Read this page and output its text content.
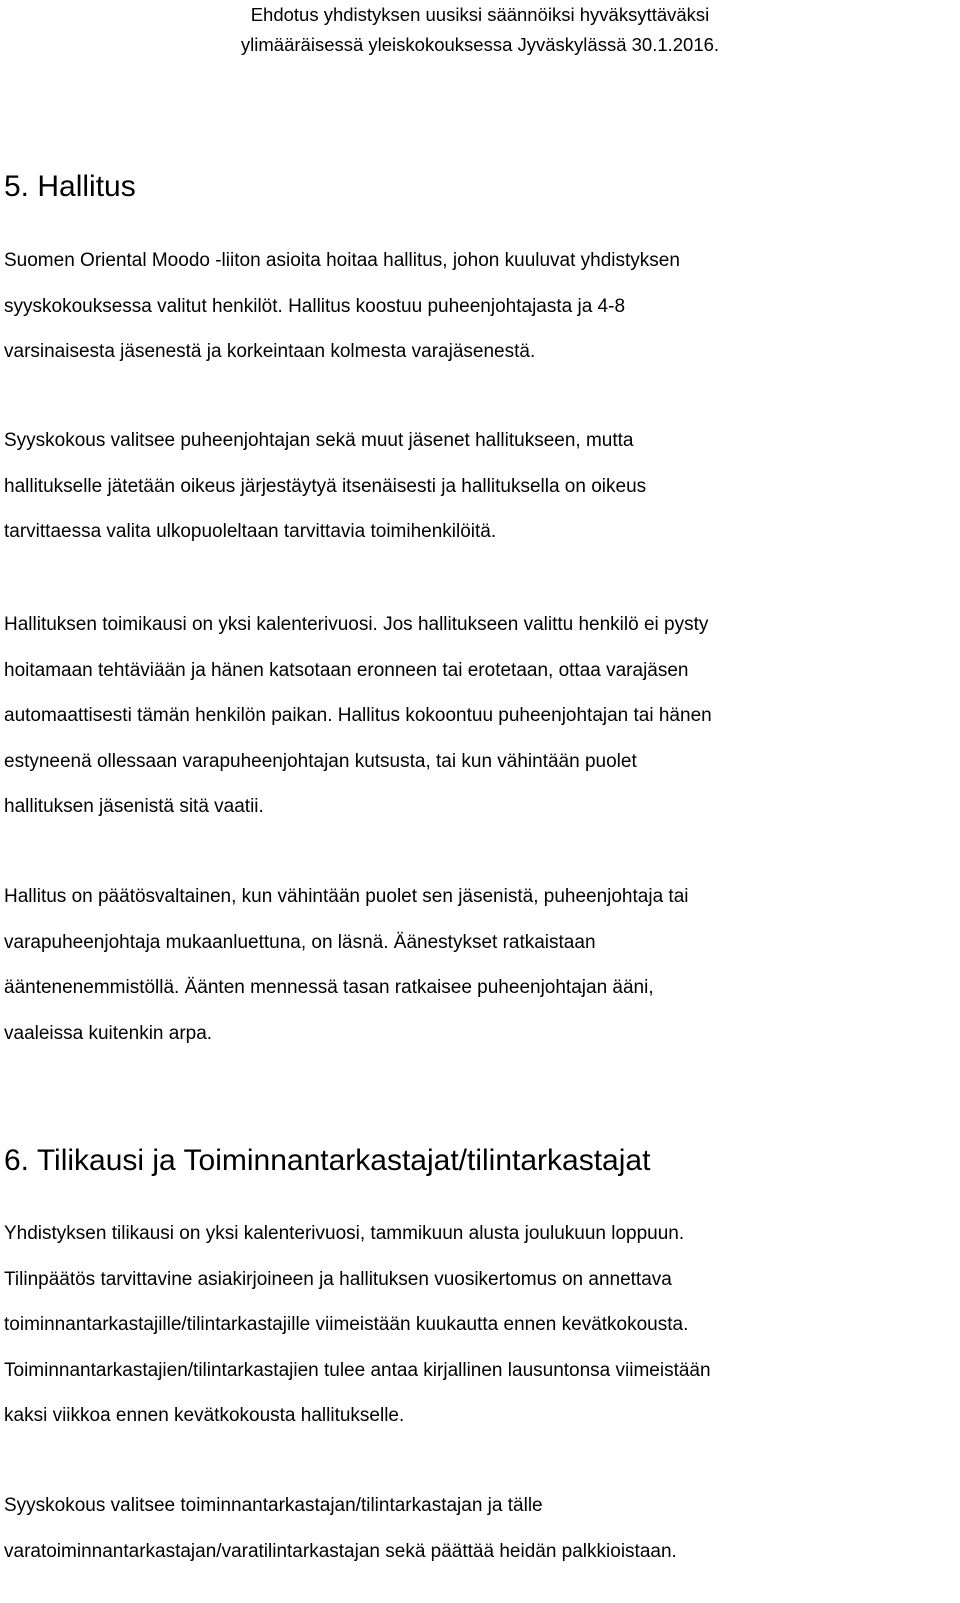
Ehdotus yhdistyksen uusiksi säännöiksi hyväksyttäväksi
ylimääräisessä yleiskokouksessa Jyväskylässä 30.1.2016.
5. Hallitus

Suomen Oriental Moodo -liiton asioita hoitaa hallitus, johon kuuluvat yhdistyksen
syyskokouksessa valitut henkilöt. Hallitus koostuu puheenjohtajasta ja 4-8
varsinaisesta jäsenestä ja korkeintaan kolmesta varajäsenestä.

Syyskokous valitsee puheenjohtajan sekä muut jäsenet hallitukseen, mutta
hallitukselle jätetään oikeus järjestäytyä itsenäisesti ja hallituksella on oikeus
tarvittaessa valita ulkopuoleltaan tarvittavia toimihenkilöitä.

Hallituksen toimikausi on yksi kalenterivuosi. Jos hallitukseen valittu henkilö ei pysty
hoitamaan tehtäviään ja hänen katsotaan eronneen tai erotetaan, ottaa varajäsen
automaattisesti tämän henkilön paikan. Hallitus kokoontuu puheenjohtajan tai hänen
estyneenä ollessaan varapuheenjohtajan kutsusta, tai kun vähintään puolet
hallituksen jäsenistä sitä vaatii.

Hallitus on päätösvaltainen, kun vähintään puolet sen jäsenistä, puheenjohtaja tai
varapuheenjohtaja mukaanluettuna, on läsnä. Äänestykset ratkaistaan
ääntenenemmistöllä. Äänten mennessä tasan ratkaisee puheenjohtajan ääni,
vaaleissa kuitenkin arpa.

6. Tilikausi ja Toiminnantarkastajat/tilintarkastajat

Yhdistyksen tilikausi on yksi kalenterivuosi, tammikuun alusta joulukuun loppuun.
Tilinpäätös tarvittavine asiakirjoineen ja hallituksen vuosikertomus on annettava
toiminnantarkastajille/tilintarkastajille viimeistään kuukautta ennen kevätkokousta.
Toiminnantarkastajien/tilintarkastajien tulee antaa kirjallinen lausuntonsa viimeistään
kaksi viikkoa ennen kevätkokousta hallitukselle.

Syyskokous valitsee toiminnantarkastajan/tilintarkastajan ja tälle
varatoiminnantarkastajan/varatilintarkastajan sekä päättää heidän palkkioistaan.
